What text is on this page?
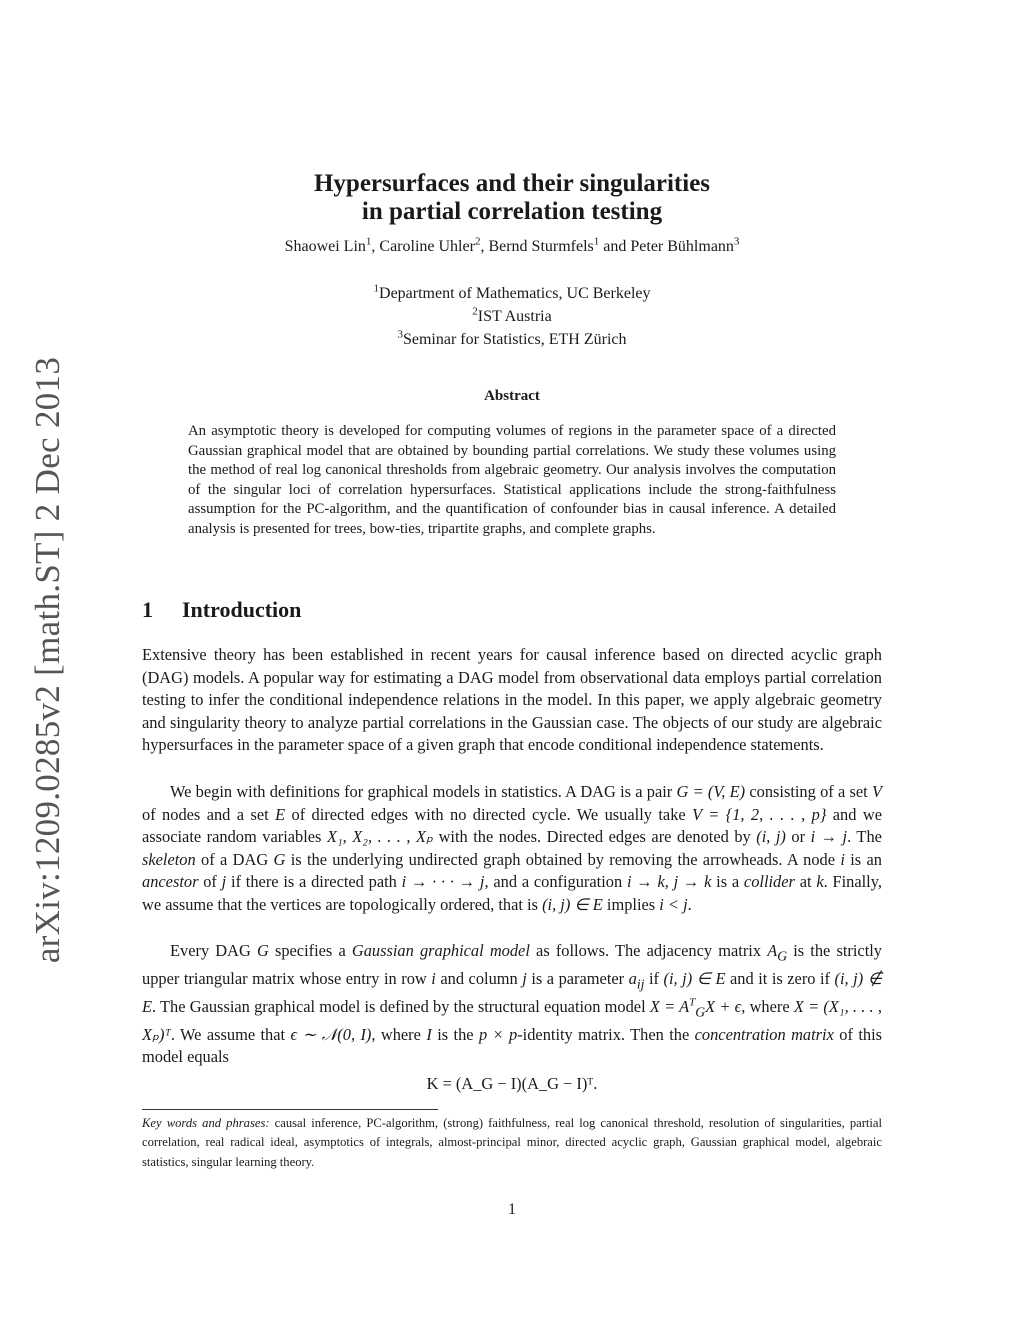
arXiv:1209.0285v2 [math.ST] 2 Dec 2013
Hypersurfaces and their singularities
in partial correlation testing
Shaowei Lin$^1$, Caroline Uhler$^2$, Bernd Sturmfels$^1$ and Peter Bühlmann$^3$
$^1$Department of Mathematics, UC Berkeley
$^2$IST Austria
$^3$Seminar for Statistics, ETH Zürich
Abstract
An asymptotic theory is developed for computing volumes of regions in the parameter space of a directed Gaussian graphical model that are obtained by bounding partial correlations. We study these volumes using the method of real log canonical thresholds from algebraic geometry. Our analysis involves the computation of the singular loci of correlation hypersurfaces. Statistical applications include the strong-faithfulness assumption for the PC-algorithm, and the quantification of confounder bias in causal inference. A detailed analysis is presented for trees, bow-ties, tripartite graphs, and complete graphs.
1 Introduction
Extensive theory has been established in recent years for causal inference based on directed acyclic graph (DAG) models. A popular way for estimating a DAG model from observational data employs partial correlation testing to infer the conditional independence relations in the model. In this paper, we apply algebraic geometry and singularity theory to analyze partial correlations in the Gaussian case. The objects of our study are algebraic hypersurfaces in the parameter space of a given graph that encode conditional independence statements.
We begin with definitions for graphical models in statistics. A DAG is a pair G = (V, E) consisting of a set V of nodes and a set E of directed edges with no directed cycle. We usually take V = {1, 2, . . . , p} and we associate random variables X₁, X₂, . . . , Xₚ with the nodes. Directed edges are denoted by (i, j) or i → j. The skeleton of a DAG G is the underlying undirected graph obtained by removing the arrowheads. A node i is an ancestor of j if there is a directed path i → · · · → j, and a configuration i → k, j → k is a collider at k. Finally, we assume that the vertices are topologically ordered, that is (i, j) ∈ E implies i < j.
Every DAG G specifies a Gaussian graphical model as follows. The adjacency matrix $A_G$ is the strictly upper triangular matrix whose entry in row i and column j is a parameter $a_{ij}$ if (i, j) ∈ E and it is zero if (i, j) ∉ E. The Gaussian graphical model is defined by the structural equation model $X = A^T_GX + \epsilon$, where X = (X₁, . . . , Xₚ)ᵀ. We assume that ϵ ∼ 𝒩(0, I), where I is the p × p-identity matrix. Then the concentration matrix of this model equals
K = (A_G − I)(A_G − I)ᵀ.
Key words and phrases: causal inference, PC-algorithm, (strong) faithfulness, real log canonical threshold, resolution of singularities, partial correlation, real radical ideal, asymptotics of integrals, almost-principal minor, directed acyclic graph, Gaussian graphical model, algebraic statistics, singular learning theory.
1
